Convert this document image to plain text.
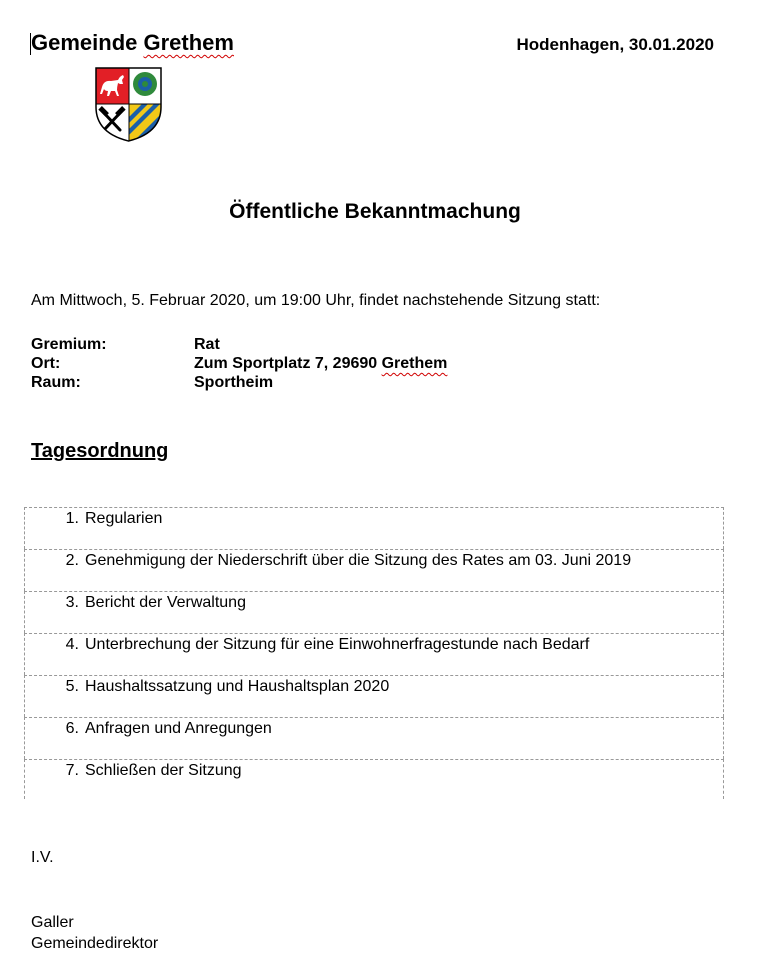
Gemeinde Grethem	Hodenhagen, 30.01.2020
Öffentliche Bekanntmachung
Am Mittwoch, 5. Februar 2020, um 19:00 Uhr, findet nachstehende Sitzung statt:
Gremium:	Rat
Ort:	Zum Sportplatz 7, 29690 Grethem
Raum:	Sportheim
Tagesordnung
1. Regularien
2. Genehmigung der Niederschrift über die Sitzung des Rates am 03. Juni 2019
3. Bericht der Verwaltung
4. Unterbrechung der Sitzung für eine Einwohnerfragestunde nach Bedarf
5. Haushaltssatzung und Haushaltsplan 2020
6. Anfragen und Anregungen
7. Schließen der Sitzung
I.V.
Galler
Gemeindedirektor
